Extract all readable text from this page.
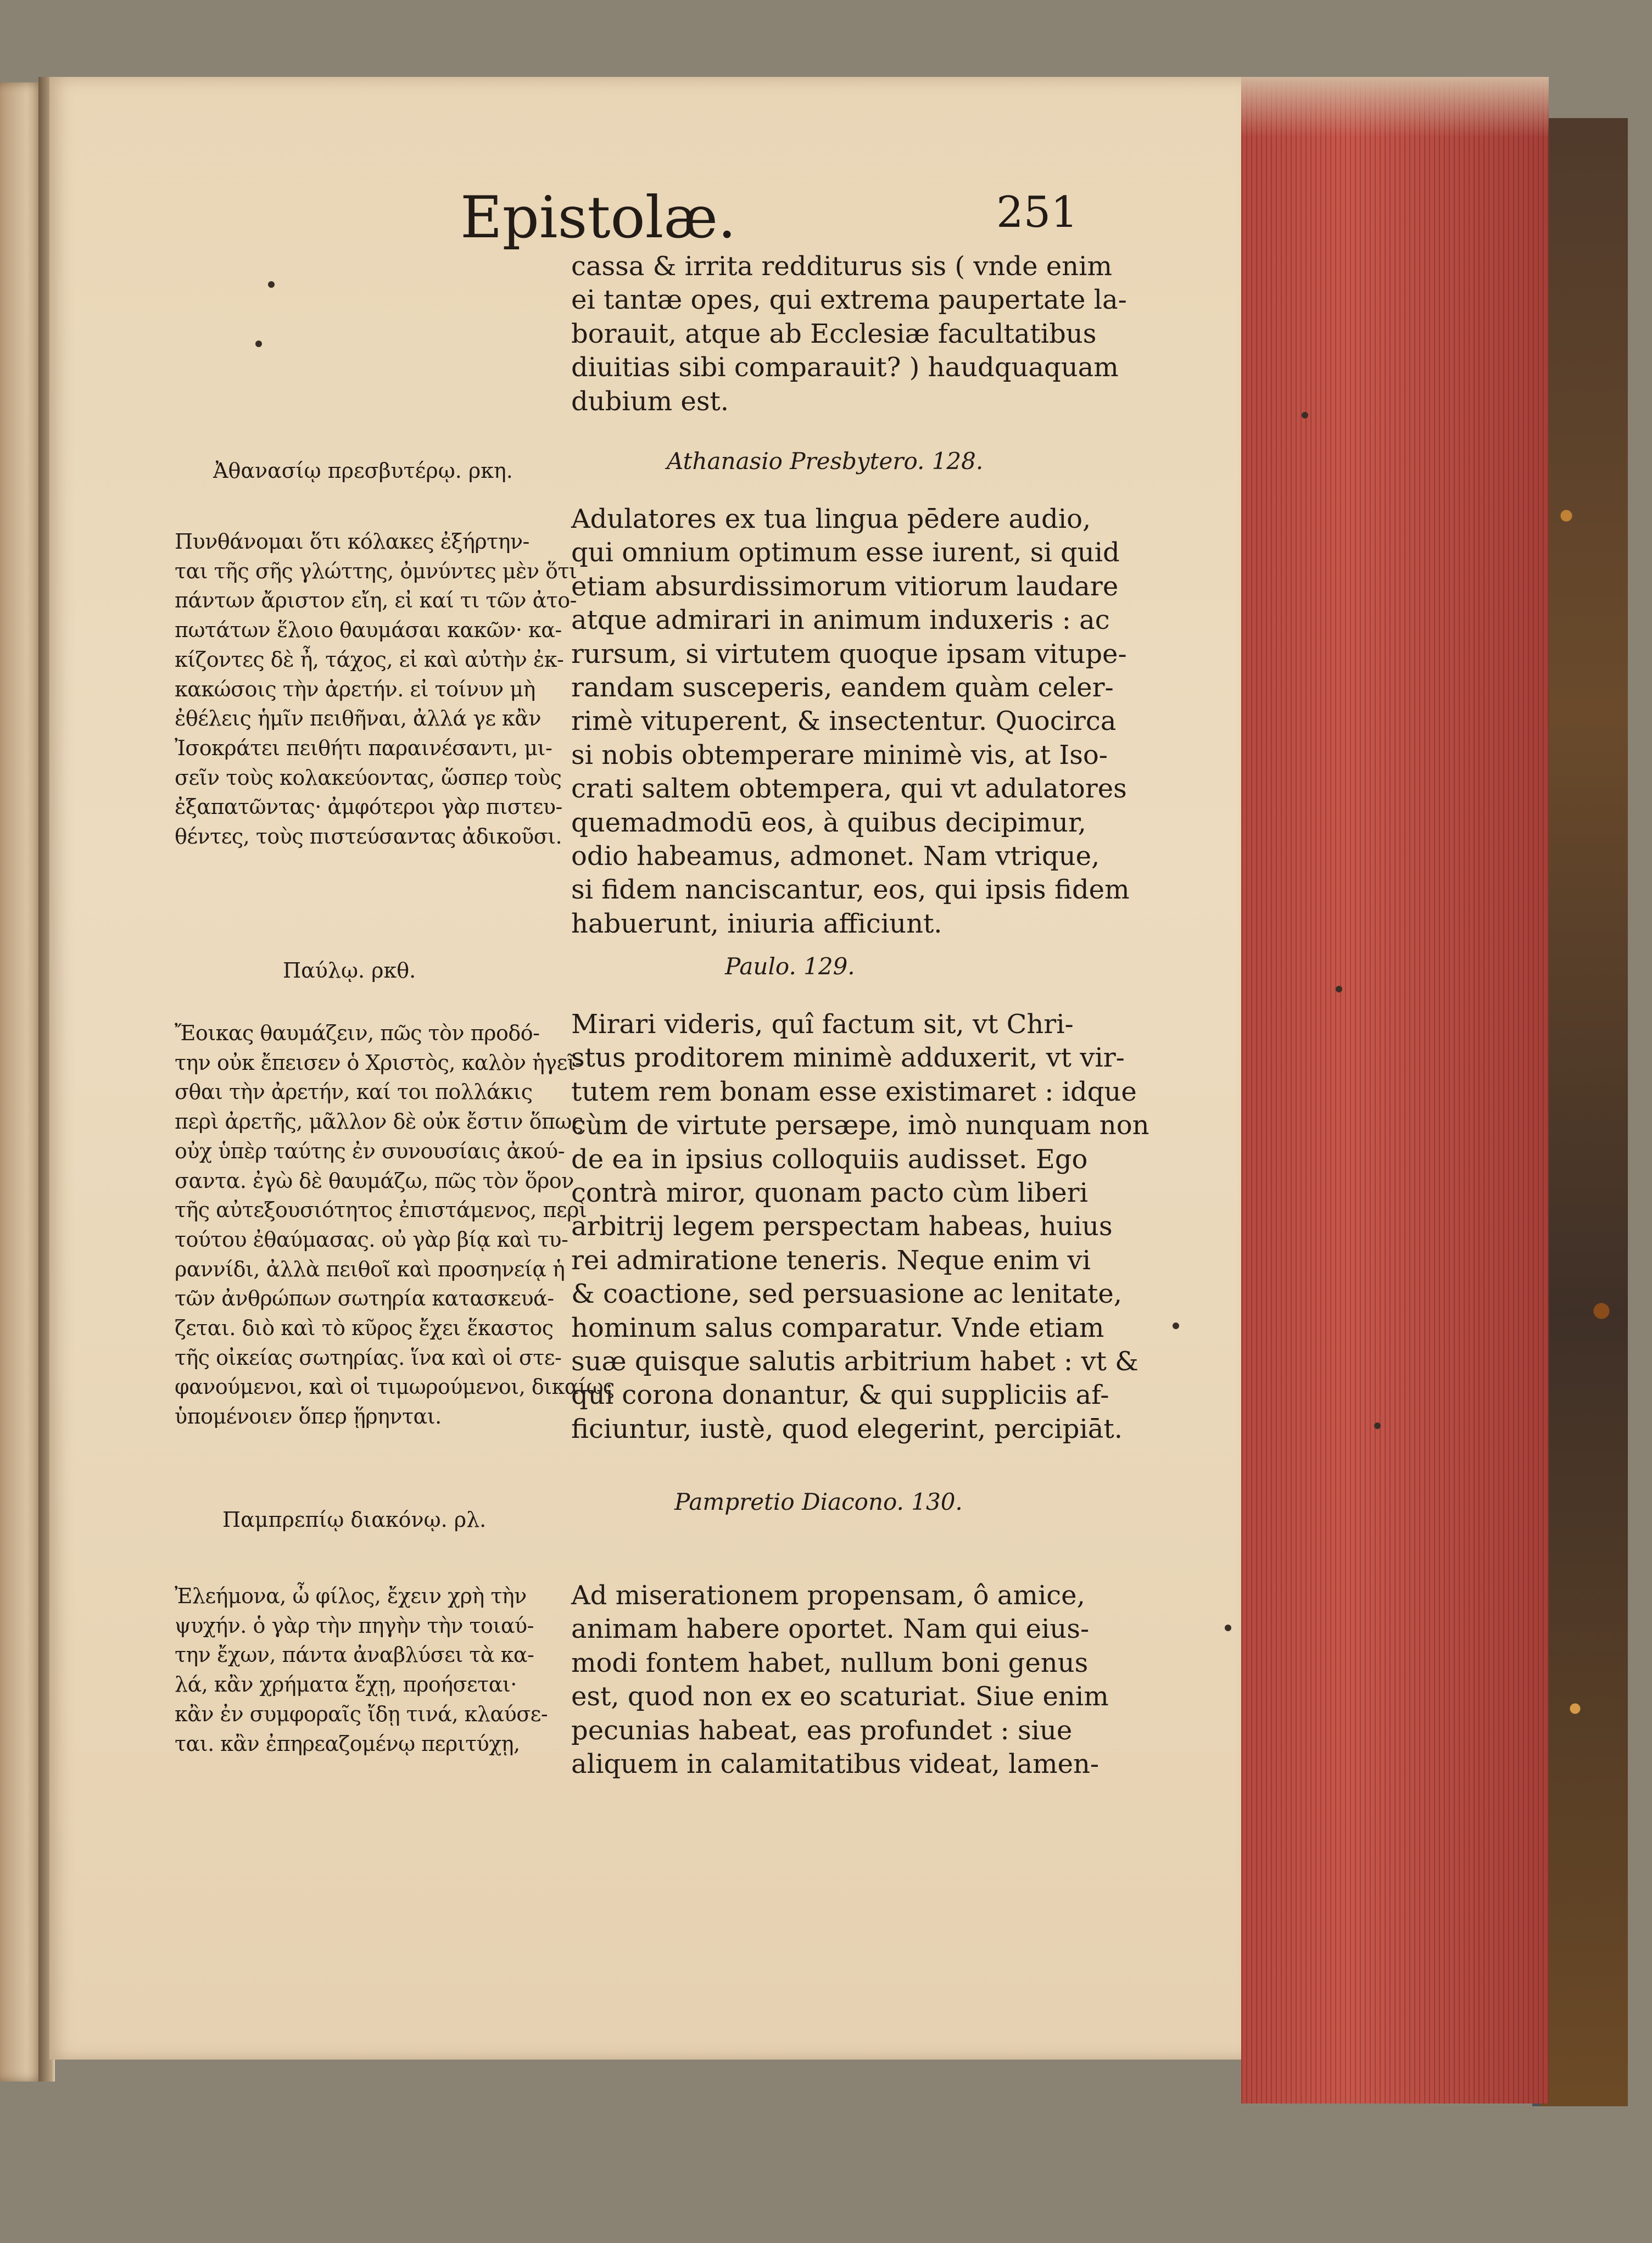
Epistolæ.	251
cassa & irrita redditurus sis ( vnde enim
ei tantæ opes, qui extrema paupertate la-
borauit, atque ab Ecclesiæ facultatibus
diuitias sibi comparauit? ) haudquaquam
dubium est.
Athanasio Presbytero. 128.
Adulatores ex tua lingua pēdere audio,
qui omnium optimum esse iurent, si quid
etiam absurdissimorum vitiorum laudare
atque admirari in animum induxeris : ac
rursum, si virtutem quoque ipsam vitupe-
randam susceperis, eandem quàm celer-
rimè vituperent, & insectentur. Quocirca
si nobis obtemperare minimè vis, at Iso-
crati saltem obtempera, qui vt adulatores
quemadmodū eos, à quibus decipimur,
odio habeamus, admonet. Nam vtrique,
si fidem nanciscantur, eos, qui ipsis fidem
habuerunt, iniuria afficiunt.
Paulo. 129.
Mirari videris, quî factum sit, vt Chri-
stus proditorem minimè adduxerit, vt vir-
tutem rem bonam esse existimaret : idque
cùm de virtute persæpe, imò nunquam non
de ea in ipsius colloquiis audisset. Ego
contrà miror, quonam pacto cùm liberi
arbitrij legem perspectam habeas, huius
rei admiratione teneris. Neque enim vi
& coactione, sed persuasione ac lenitate,
hominum salus comparatur. Vnde etiam
suæ quisque salutis arbitrium habet : vt &
qui corona donantur, & qui suppliciis af-
ficiuntur, iustè, quod elegerint, percipiāt.
Pampretio Diacono. 130.
Ad miserationem propensam, ô amice,
animam habere oportet. Nam qui eius-
modi fontem habet, nullum boni genus
est, quod non ex eo scaturiat. Siue enim
pecunias habeat, eas profundet : siue
aliquem in calamitatibus videat, lamen-
Ἀθανασίῳ πρεσβυτέρῳ. ρκη.
Πυνθάνομαι ὅτι κόλακες ἐξήρτην-
ται τῆς σῆς γλώττης, ὀμνύντες μὲν ὅτι
πάντων ἄριστον εἴη, εἰ καί τι τῶν ἀτο-
πωτάτων ἕλοιο θαυμάσαι κακῶν· κα-
κίζοντες δὲ ἦ, τάχος, εἰ καὶ αὐτὴν ἐκ-
κακώσοις τὴν ἀρετήν. εἰ τοίνυν μὴ
ἐθέλεις ἡμῖν πειθῆναι, ἀλλά γε κἂν
Ἰσοκράτει πειθήτι παραινέσαντι, μι-
σεῖν τοὺς κολακεύοντας, ὥσπερ τοὺς
ἐξαπατῶντας· ἀμφότεροι γὰρ πιστευ-
θέντες, τοὺς πιστεύσαντας ἀδικοῦσι.
Παύλῳ. ρκθ.
Ἔοικας θαυμάζειν, πῶς τὸν προδό-
την οὐκ ἔπεισεν ὁ Χριστὸς, καλὸν ἡγεῖ-
σθαι τὴν ἀρετήν, καί τοι πολλάκις
περὶ ἀρετῆς, μᾶλλον δὲ οὐκ ἔστιν ὅπως
οὐχ ὑπὲρ ταύτης ἐν συνουσίαις ἀκού-
σαντα. ἐγὼ δὲ θαυμάζω, πῶς τὸν ὅρον
τῆς αὐτεξουσιότητος ἐπιστάμενος, περὶ
τούτου ἐθαύμασας. οὐ γὰρ βίᾳ καὶ τυ-
ραννίδι, ἀλλὰ πειθοῖ καὶ προσηνείᾳ ἡ
τῶν ἀνθρώπων σωτηρία κατασκευά-
ζεται. διὸ καὶ τὸ κῦρος ἔχει ἕκαστος
τῆς οἰκείας σωτηρίας. ἵνα καὶ οἱ στε-
φανούμενοι, καὶ οἱ τιμωρούμενοι, δικαίως
ὑπομένοιεν ὅπερ ᾕρηνται.
Παμπρεπίῳ διακόνῳ. ρλ.
Ἐλεήμονα, ὦ φίλος, ἔχειν χρὴ τὴν
ψυχήν. ὁ γὰρ τὴν πηγὴν τὴν τοιαύ-
την ἔχων, πάντα ἀναβλύσει τὰ κα-
λά, κἂν χρήματα ἔχῃ, προήσεται·
κἂν ἐν συμφοραῖς ἴδῃ τινά, κλαύσε-
ται. κἂν ἐπηρεαζομένῳ περιτύχῃ,
